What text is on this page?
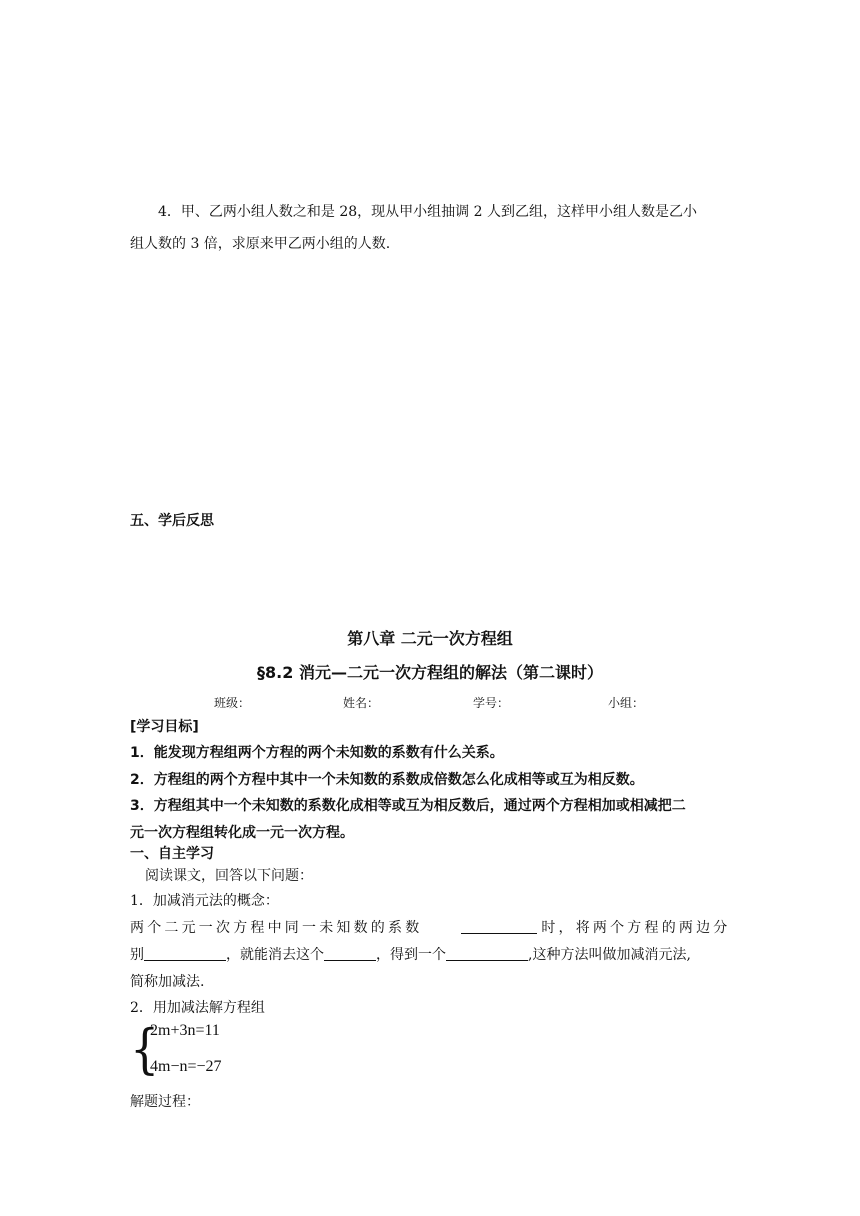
4．甲、乙两小组人数之和是 28，现从甲小组抽调 2 人到乙组，这样甲小组人数是乙小
组人数的 3 倍，求原来甲乙两小组的人数.
五、学后反思
第八章 二元一次方程组
§8.2 消元—二元一次方程组的解法（第二课时）
班级：	姓名：	学号：	小组：
[学习目标]
1．能发现方程组两个方程的两个未知数的系数有什么关系。
2．方程组的两个方程中其中一个未知数的系数成倍数怎么化成相等或互为相反数。
3．方程组其中一个未知数的系数化成相等或互为相反数后，通过两个方程相加或相减把二
元一次方程组转化成一元一次方程。
一、自主学习
阅读课文，回答以下问题：
1．加减消元法的概念：
两个二元一次方程中同一未知数的系数	时，将两个方程的两边分
别	，就能消去这个	，得到一个	,这种方法叫做加减消元法,
简称加减法.
2．用加减法解方程组
{
2m+3n=11
4m−n=−27
解题过程：
